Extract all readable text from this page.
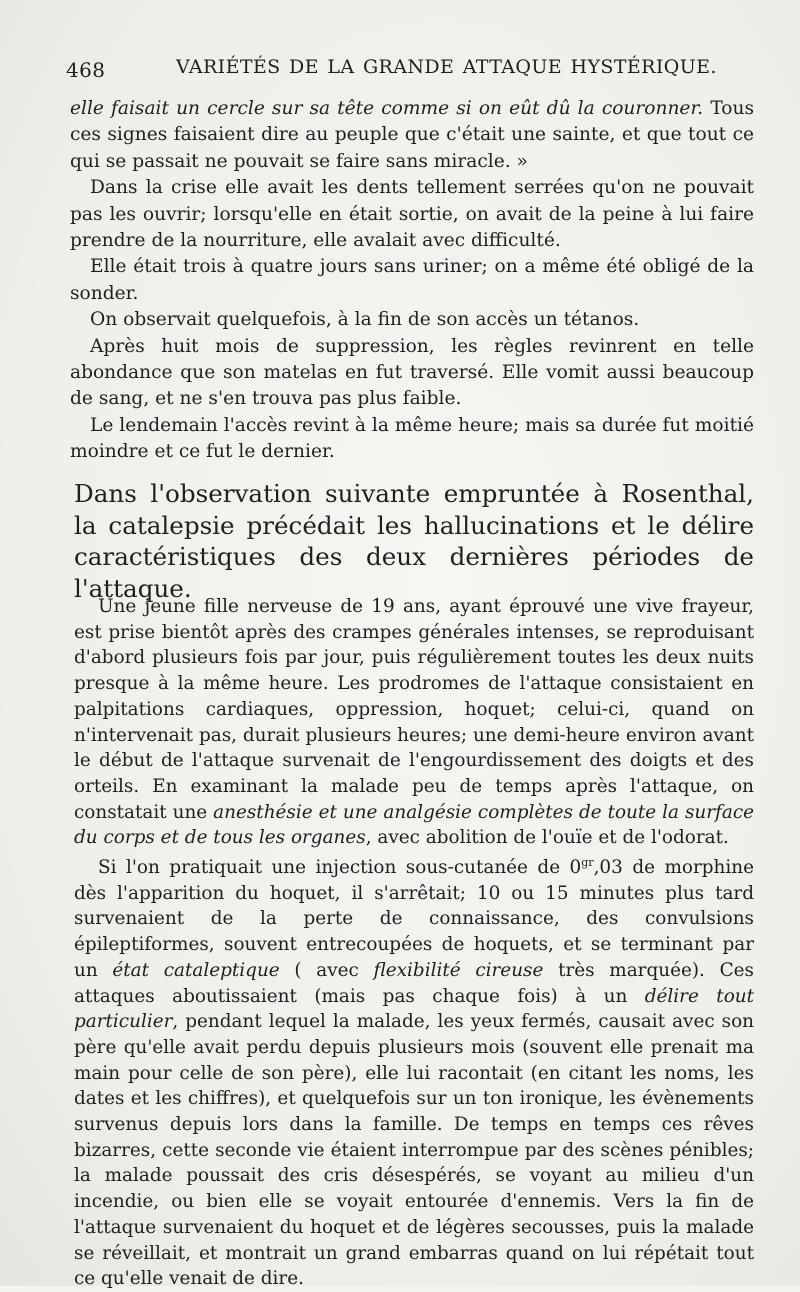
468	VARIÉTÉS DE LA GRANDE ATTAQUE HYSTÉRIQUE.

elle faisait un cercle sur sa tête comme si on eût dû la couronner. Tous ces signes faisaient dire au peuple que c'était une sainte, et que tout ce qui se passait ne pouvait se faire sans miracle. »

Dans la crise elle avait les dents tellement serrées qu'on ne pouvait pas les ouvrir; lorsqu'elle en était sortie, on avait de la peine à lui faire prendre de la nourriture, elle avalait avec difficulté.

Elle était trois à quatre jours sans uriner; on a même été obligé de la sonder.

On observait quelquefois, à la fin de son accès un tétanos.

Après huit mois de suppression, les règles revinrent en telle abondance que son matelas en fut traversé. Elle vomit aussi beaucoup de sang, et ne s'en trouva pas plus faible.

Le lendemain l'accès revint à la même heure; mais sa durée fut moitié moindre et ce fut le dernier.

Dans l'observation suivante empruntée à Rosenthal, la catalepsie précédait les hallucinations et le délire caractéristiques des deux dernières périodes de l'attaque.

Une jeune fille nerveuse de 19 ans, ayant éprouvé une vive frayeur, est prise bientôt après des crampes générales intenses, se reproduisant d'abord plusieurs fois par jour, puis régulièrement toutes les deux nuits presque à la même heure. Les prodromes de l'attaque consistaient en palpitations cardiaques, oppression, hoquet; celui-ci, quand on n'intervenait pas, durait plusieurs heures; une demi-heure environ avant le début de l'attaque survenait de l'engourdissement des doigts et des orteils. En examinant la malade peu de temps après l'attaque, on constatait une anesthésie et une analgésie complètes de toute la surface du corps et de tous les organes, avec abolition de l'ouïe et de l'odorat.

Si l'on pratiquait une injection sous-cutanée de $0^{gr},03$ de morphine dès l'apparition du hoquet, il s'arrêtait; 10 ou 15 minutes plus tard survenaient de la perte de connaissance, des convulsions épileptiformes, souvent entrecoupées de hoquets, et se terminant par un état cataleptique ( avec flexibilité cireuse très marquée). Ces attaques aboutissaient (mais pas chaque fois) à un délire tout particulier, pendant lequel la malade, les yeux fermés, causait avec son père qu'elle avait perdu depuis plusieurs mois (souvent elle prenait ma main pour celle de son père), elle lui racontait (en citant les noms, les dates et les chiffres), et quelquefois sur un ton ironique, les évènements survenus depuis lors dans la famille. De temps en temps ces rêves bizarres, cette seconde vie étaient interrompue par des scènes pénibles; la malade poussait des cris désespérés, se voyant au milieu d'un incendie, ou bien elle se voyait entourée d'ennemis. Vers la fin de l'attaque survenaient du hoquet et de légères secousses, puis la malade se réveillait, et montrait un grand embarras quand on lui répétait tout ce qu'elle venait de dire.
